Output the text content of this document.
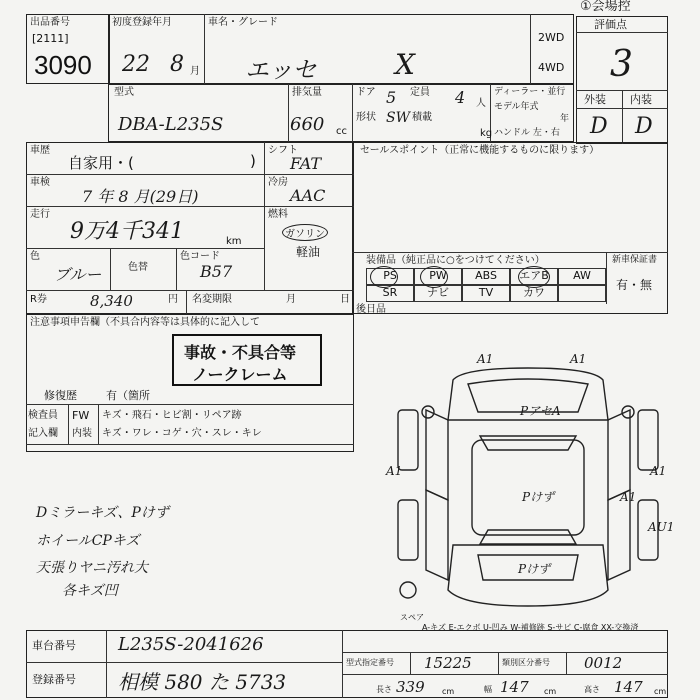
出品番号
[2111]
3090
初度登録年月
22 8 月
車名・グレード
エッセ	X
2WD
4WD
①会場控
評価点
3
外装 内装
D D
型式
DBA-L235S
排気量
660 cc
ドア 5 定員 4 人
形状 SW 積載
kg
ディーラー・並行
モデル年式
年
ハンドル 左・右
車歴
自家用・(	)
車検
7 年 8 月(29日)
走行
9万4千341	km
色
ブルー	色替
色コード
B57
R券	8,340	円 名変期限	月	日
シフト
FAT
冷房
AAC
燃料
ガソリン
軽油
セールスポイント（正常に機能するものに限ります）
装備品（純正品に○をつけてください）	新車保証書
有・無
PS	PW	ABS	エアB	AW
SR	ナビ	TV	カワ
後日品
注意事項申告欄（不具合内容等は具体的に記入して
事故・不具合等
ノークレーム
修復歴	有（箇所
検査員
記入欄
FW キズ・飛石・ヒビ割・リペア跡
内装 キズ・ワレ・コゲ・穴・スレ・キレ
Dミラーキズ、Pけず
ホイールCPキズ
天張りヤニ汚れ大
各キズ凹
A1	A1
A1	A1
A1
AU1
PアセA
Pけず
Pけず
スペア
A-キズ E-エクボ U-凹み W-補修跡 S-サビ C-腐食 XX-交換済
車台番号 L235S-2041626
登録番号 相模 580 た 5733
型式指定番号 15225	類別区分番号 0012
長さ 339 cm	幅 147 cm	高さ 147 cm
